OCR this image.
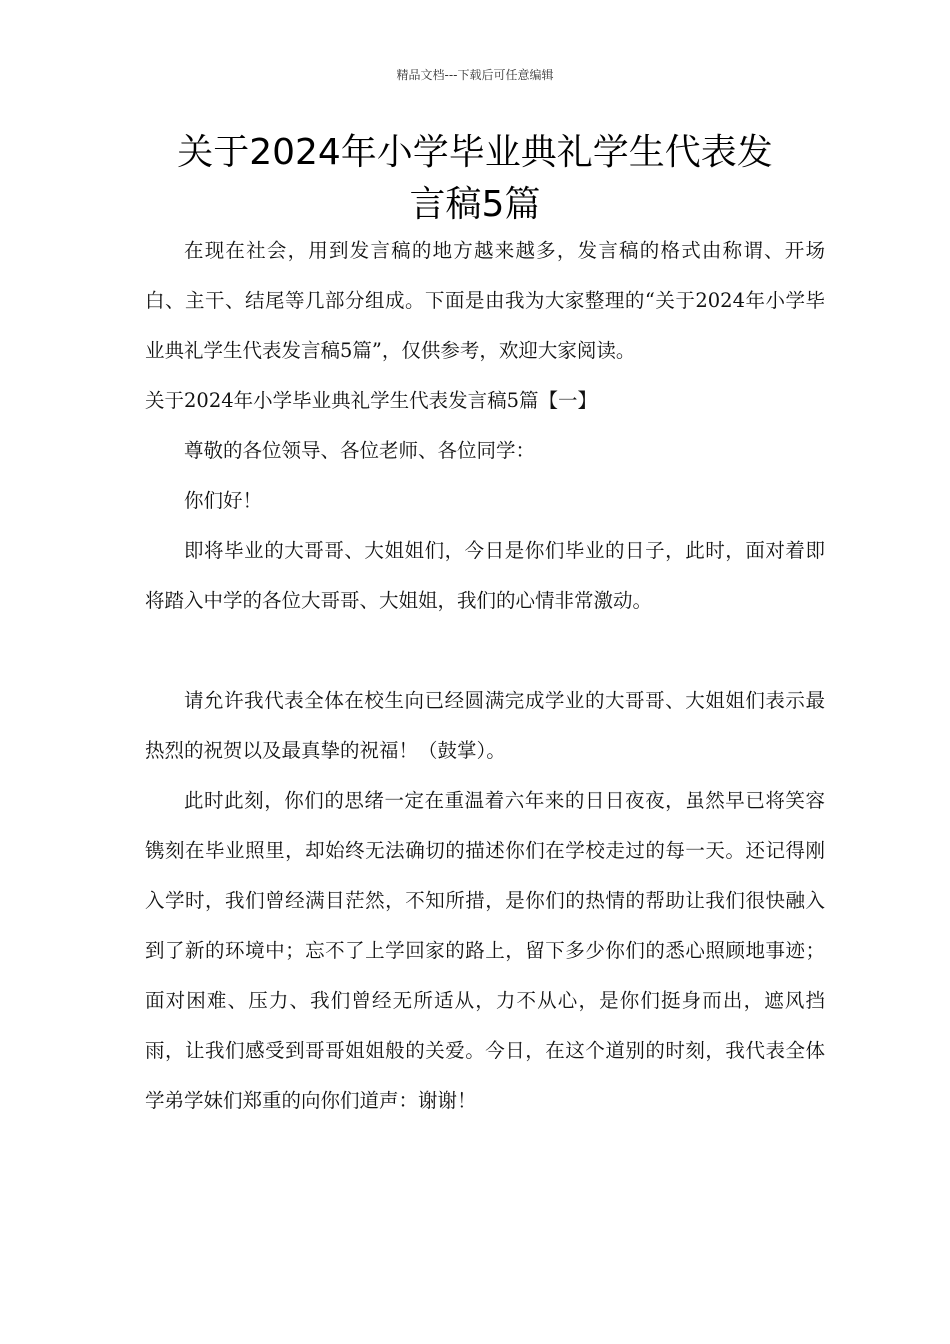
精品文档---下载后可任意编辑
关于2024年小学毕业典礼学生代表发
言稿5篇

在现在社会，用到发言稿的地方越来越多，发言稿的格式由称谓、开场白、主干、结尾等几部分组成。下面是由我为大家整理的“关于2024年小学毕业典礼学生代表发言稿5篇”，仅供参考，欢迎大家阅读。

关于2024年小学毕业典礼学生代表发言稿5篇【一】

尊敬的各位领导、各位老师、各位同学：

你们好！

即将毕业的大哥哥、大姐姐们，今日是你们毕业的日子，此时，面对着即将踏入中学的各位大哥哥、大姐姐，我们的心情非常激动。

请允许我代表全体在校生向已经圆满完成学业的大哥哥、大姐姐们表示最热烈的祝贺以及最真挚的祝福！（鼓掌）。

此时此刻，你们的思绪一定在重温着六年来的日日夜夜，虽然早已将笑容镌刻在毕业照里，却始终无法确切的描述你们在学校走过的每一天。还记得刚入学时，我们曾经满目茫然，不知所措，是你们的热情的帮助让我们很快融入到了新的环境中；忘不了上学回家的路上，留下多少你们的悉心照顾地事迹；面对困难、压力、我们曾经无所适从，力不从心，是你们挺身而出，遮风挡雨，让我们感受到哥哥姐姐般的关爱。今日，在这个道别的时刻，我代表全体学弟学妹们郑重的向你们道声：谢谢！
